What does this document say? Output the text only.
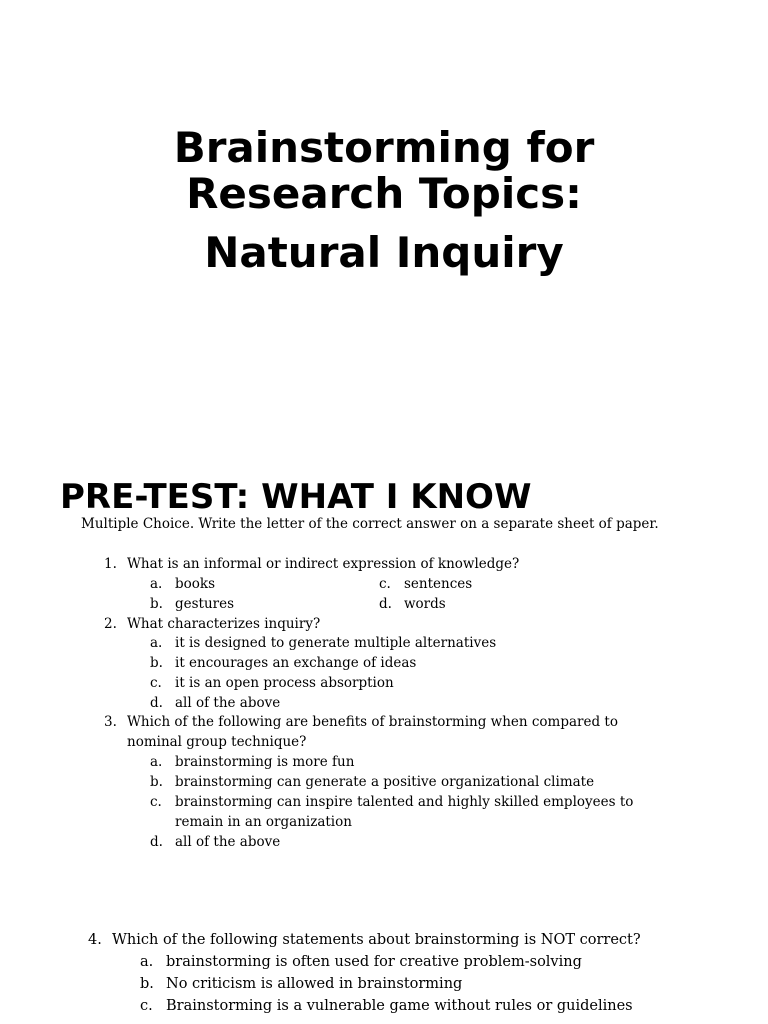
Brainstorming for
Research Topics:
Natural Inquiry
PRE-TEST: WHAT I KNOW
Multiple Choice. Write the letter of the correct answer on a separate sheet of paper.
1. What is an informal or indirect expression of knowledge?
a. books
b. gestures
c. sentences
d. words
2. What characterizes inquiry?
a. it is designed to generate multiple alternatives
b. it encourages an exchange of ideas
c. it is an open process absorption
d. all of the above
3. Which of the following are benefits of brainstorming when compared to
nominal group technique?
a. brainstorming is more fun
b. brainstorming can generate a positive organizational climate
c. brainstorming can inspire talented and highly skilled employees to
remain in an organization
d. all of the above
4. Which of the following statements about brainstorming is NOT correct?
a. brainstorming is often used for creative problem-solving
b. No criticism is allowed in brainstorming
c. Brainstorming is a vulnerable game without rules or guidelines
